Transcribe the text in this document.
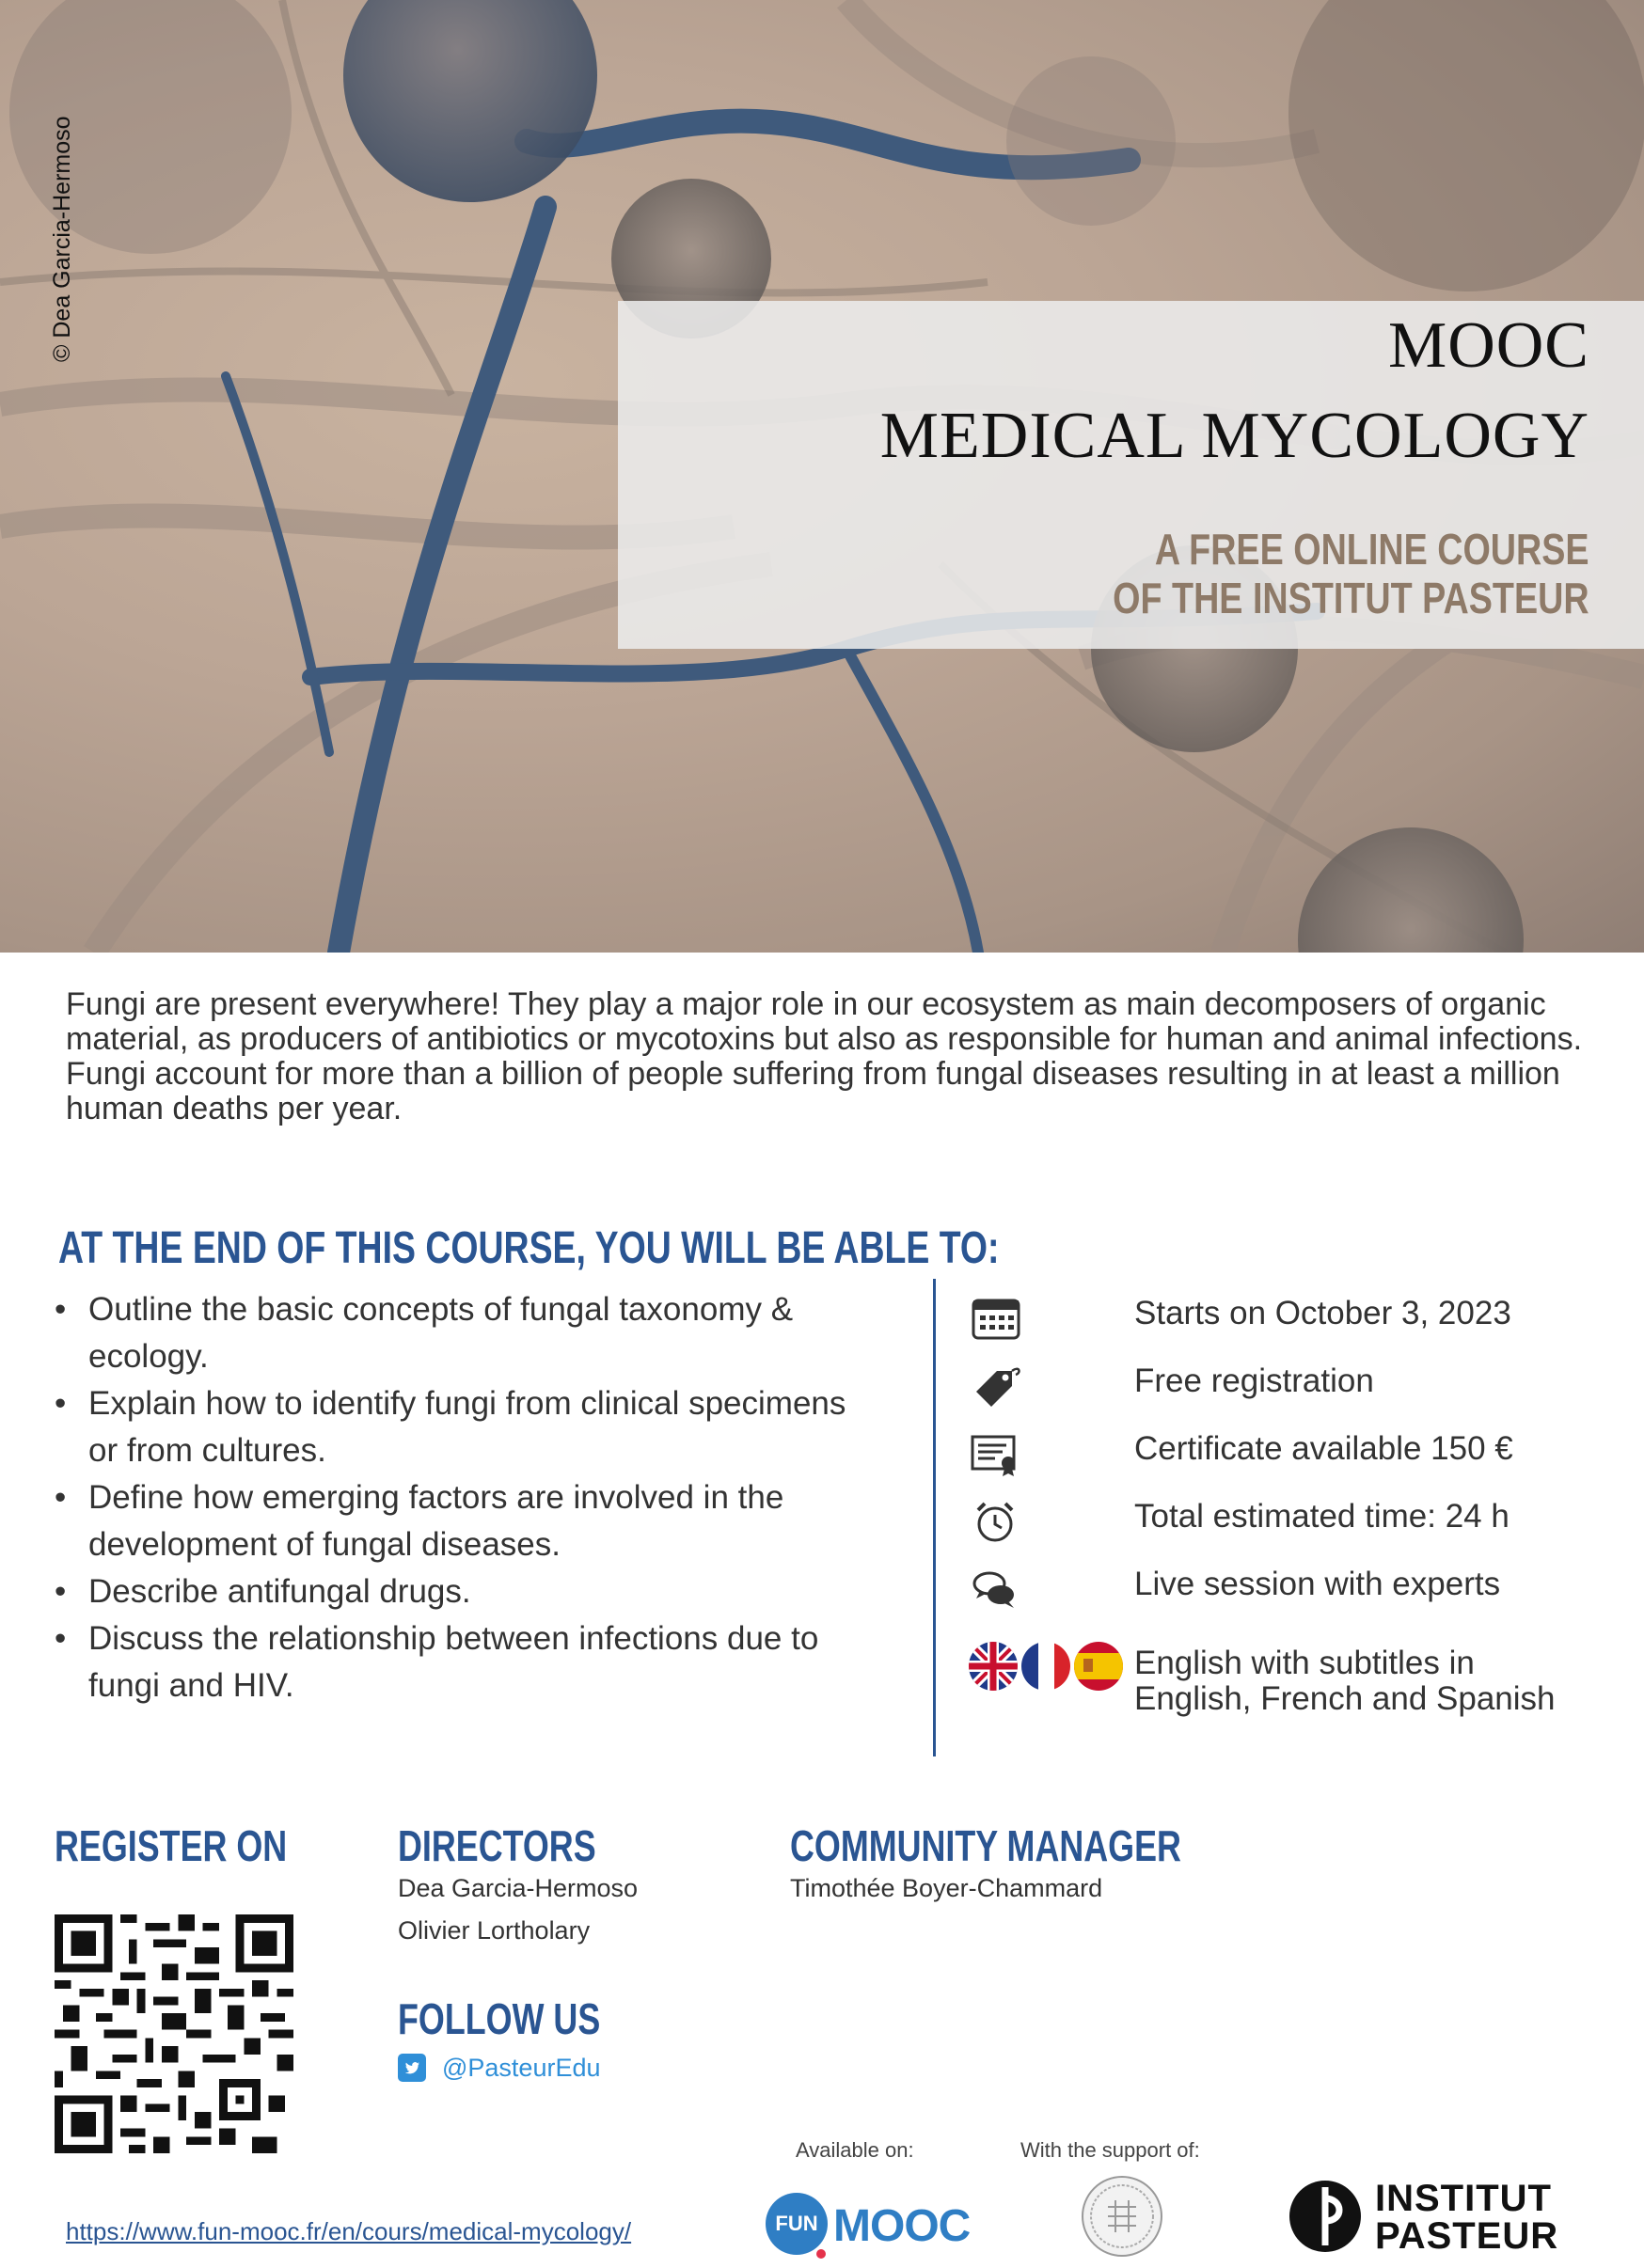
© Dea Garcia-Hermoso	MOOC
MEDICAL MYCOLOGY
A FREE ONLINE COURSE
OF THE INSTITUT PASTEUR
Fungi are present everywhere! They play a major role in our ecosystem as main decomposers of organic material, as producers of antibiotics or mycotoxins but also as responsible for human and animal infections. Fungi account for more than a billion of people suffering from fungal diseases resulting in at least a million human deaths per year.
AT THE END OF THIS COURSE, YOU WILL BE ABLE TO:
• Outline the basic concepts of fungal taxonomy & ecology.
• Explain how to identify fungi from clinical specimens or from cultures.
• Define how emerging factors are involved in the development of fungal diseases.
• Describe antifungal drugs.
• Discuss the relationship between infections due to fungi and HIV.
Starts on October 3, 2023
Free registration
Certificate available 150 €
Total estimated time: 24 h
Live session with experts
English with subtitles in
English, French and Spanish
REGISTER ON	DIRECTORS
Dea Garcia-Hermoso
Olivier Lortholary
COMMUNITY MANAGER
Timothée Boyer-Chammard
FOLLOW US
@PasteurEdu
Available on:	With the support of:
https://www.fun-mooc.fr/en/cours/medical-mycology/	FUN MOOC
INSTITUT
PASTEUR
